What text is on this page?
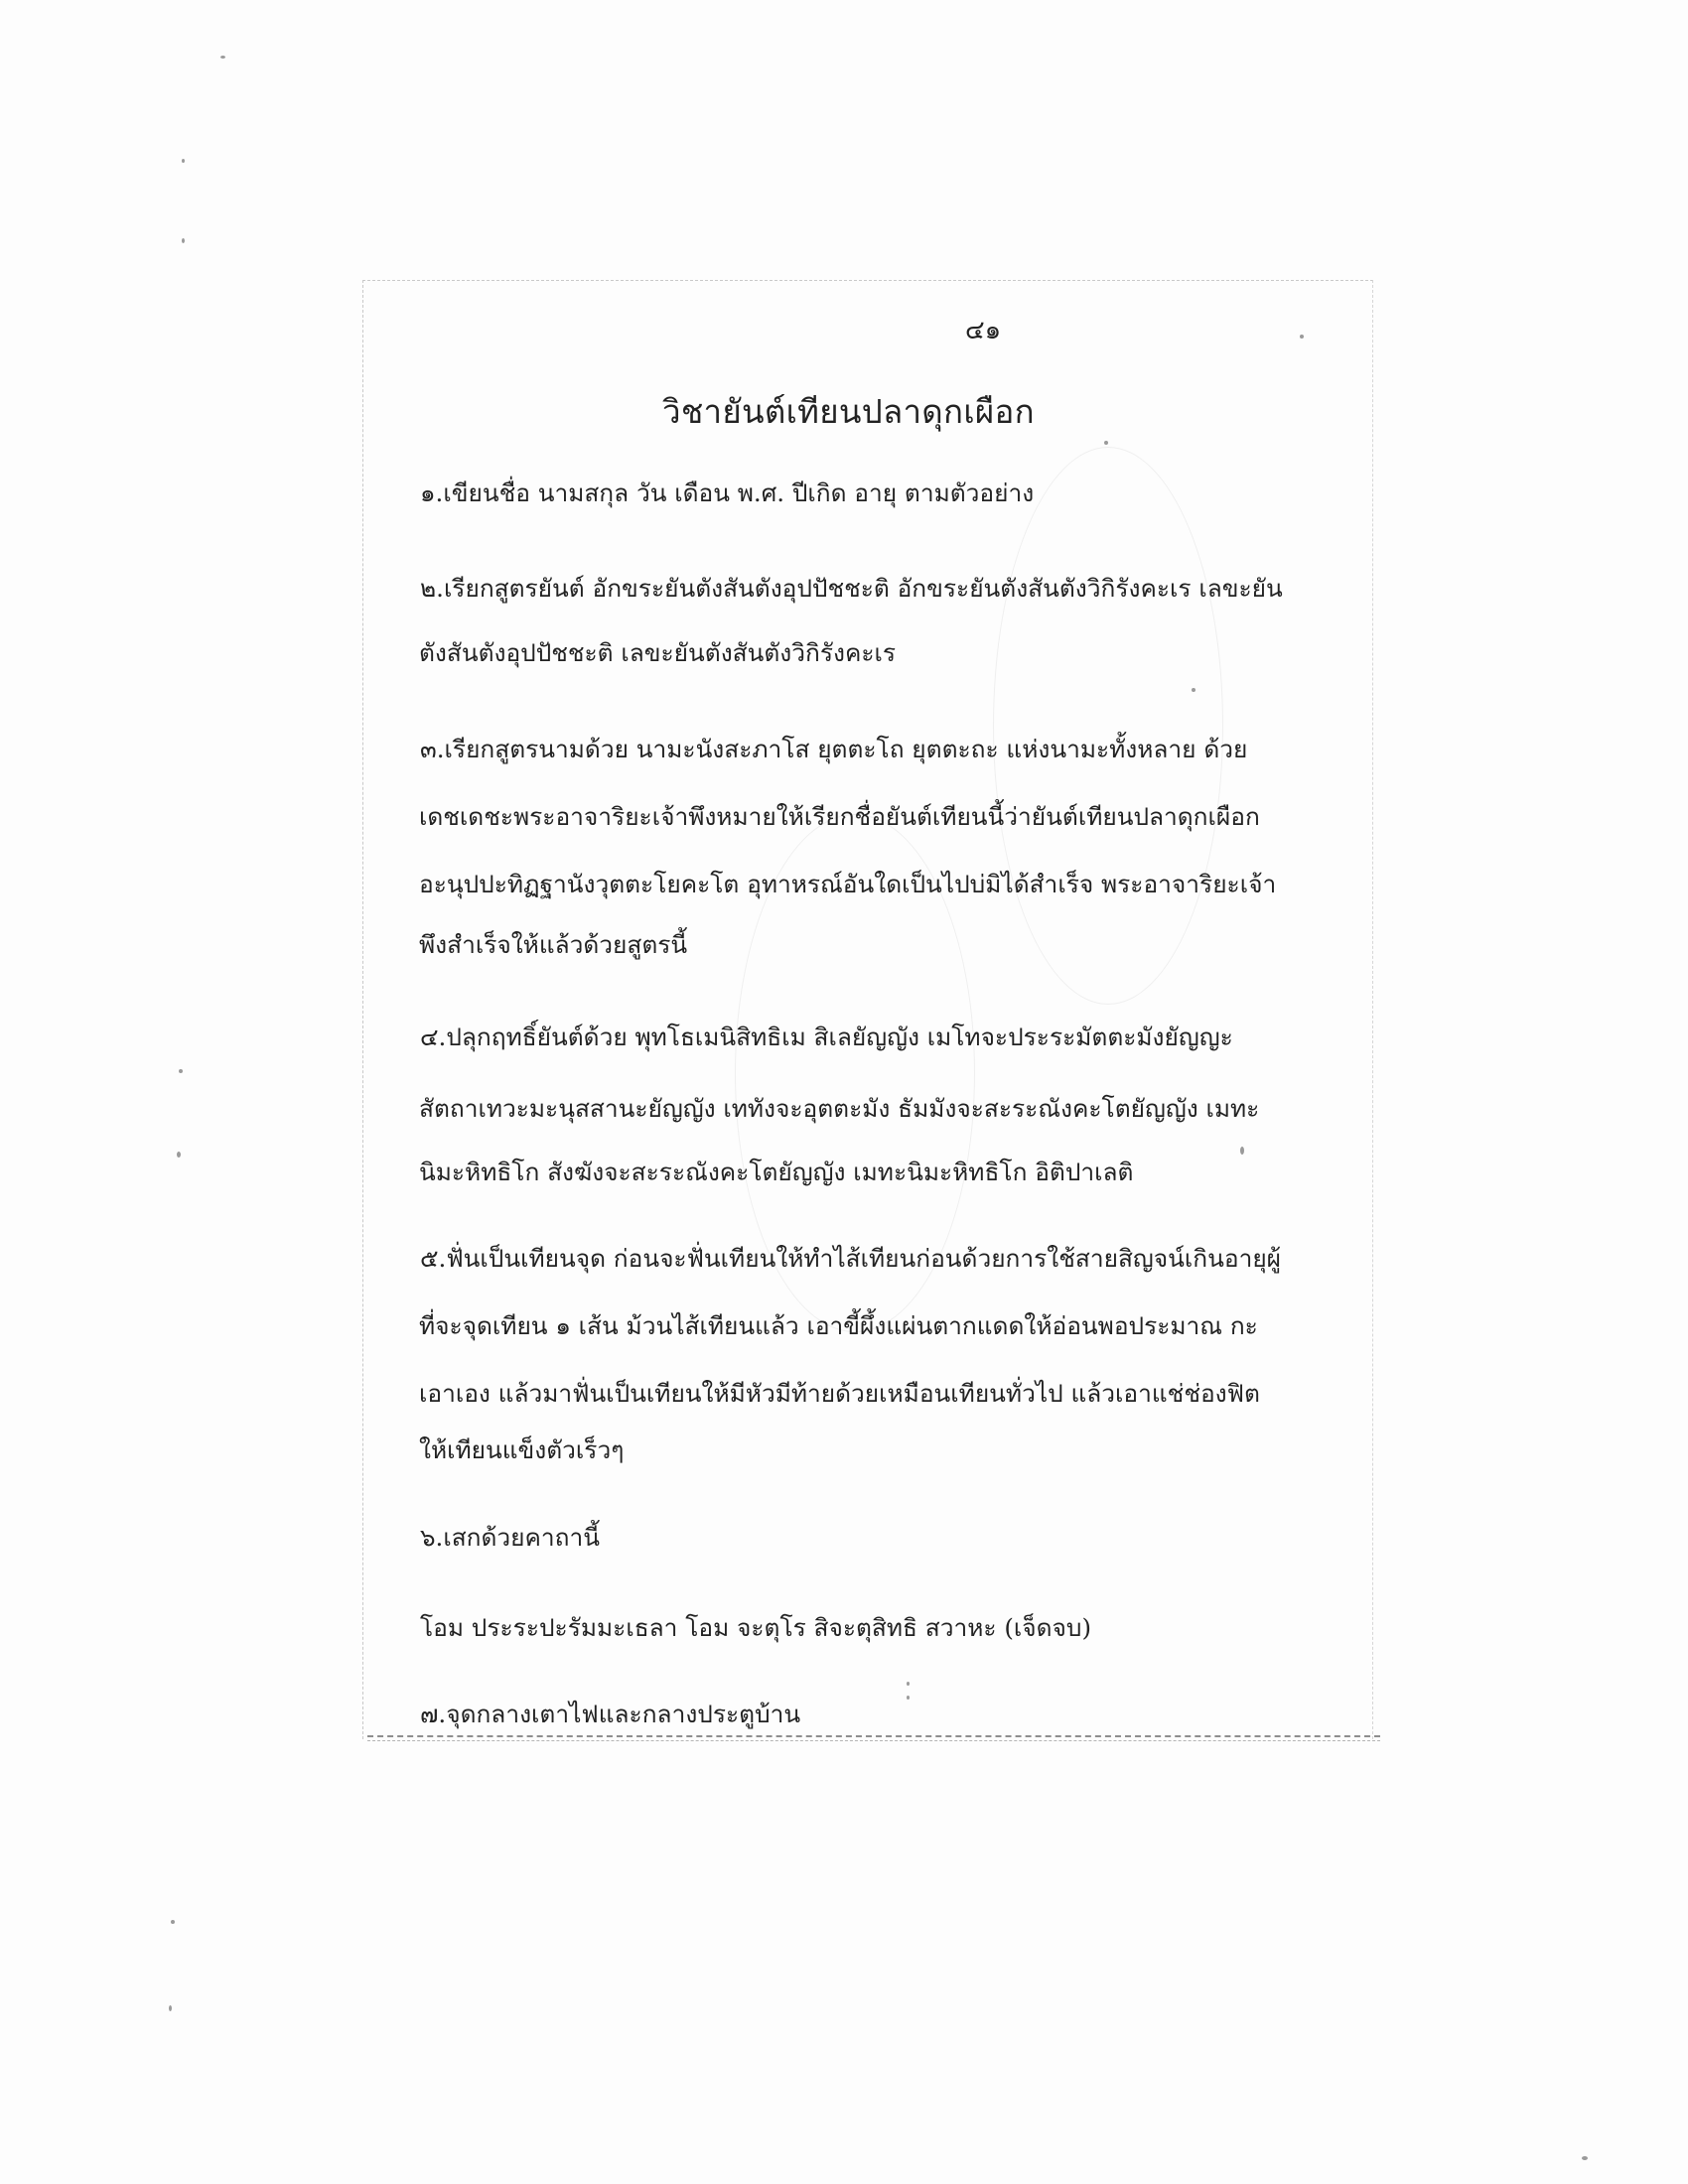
๔๑
วิชายันต์เทียนปลาดุกเผือก
๑.เขียนชื่อ นามสกุล วัน เดือน พ.ศ. ปีเกิด อายุ ตามตัวอย่าง
๒.เรียกสูตรยันต์ อักขระยันตังสันตังอุปปัชชะติ อักขระยันตังสันตังวิกิรังคะเร เลขะยัน
ตังสันตังอุปปัชชะติ เลขะยันตังสันตังวิกิรังคะเร
๓.เรียกสูตรนามด้วย นามะนังสะภาโส ยุตตะโถ ยุตตะถะ แห่งนามะทั้งหลาย ด้วย
เดชเดชะพระอาจาริยะเจ้าพึงหมายให้เรียกชื่อยันต์เทียนนี้ว่ายันต์เทียนปลาดุกเผือก
อะนุปปะทิฏฐานังวุตตะโยคะโต อุทาหรณ์อันใดเป็นไปบ่มิได้สำเร็จ พระอาจาริยะเจ้า
พึงสำเร็จให้แล้วด้วยสูตรนี้
๔.ปลุกฤทธิ์ยันต์ด้วย พุทโธเมนิสิทธิเม สิเลยัญญัง เมโทจะประระมัตตะมังยัญญะ
สัตถาเทวะมะนุสสานะยัญญัง เททังจะอุตตะมัง ธัมมังจะสะระณังคะโตยัญญัง เมทะ
นิมะหิทธิโก สังฆังจะสะระณังคะโตยัญญัง เมทะนิมะหิทธิโก อิติปาเลติ
๕.ฟั่นเป็นเทียนจุด ก่อนจะฟั่นเทียนให้ทำไส้เทียนก่อนด้วยการใช้สายสิญจน์เกินอายุผู้
ที่จะจุดเทียน ๑ เส้น ม้วนไส้เทียนแล้ว เอาขี้ผึ้งแผ่นตากแดดให้อ่อนพอประมาณ กะ
เอาเอง แล้วมาฟั่นเป็นเทียนให้มีหัวมีท้ายด้วยเหมือนเทียนทั่วไป แล้วเอาแช่ช่องฟิต
ให้เทียนแข็งตัวเร็วๆ
๖.เสกด้วยคาถานี้
โอม ประระปะรัมมะเธลา โอม จะตุโร สิจะตุสิทธิ สวาหะ (เจ็ดจบ)
๗.จุดกลางเตาไฟและกลางประตูบ้าน
